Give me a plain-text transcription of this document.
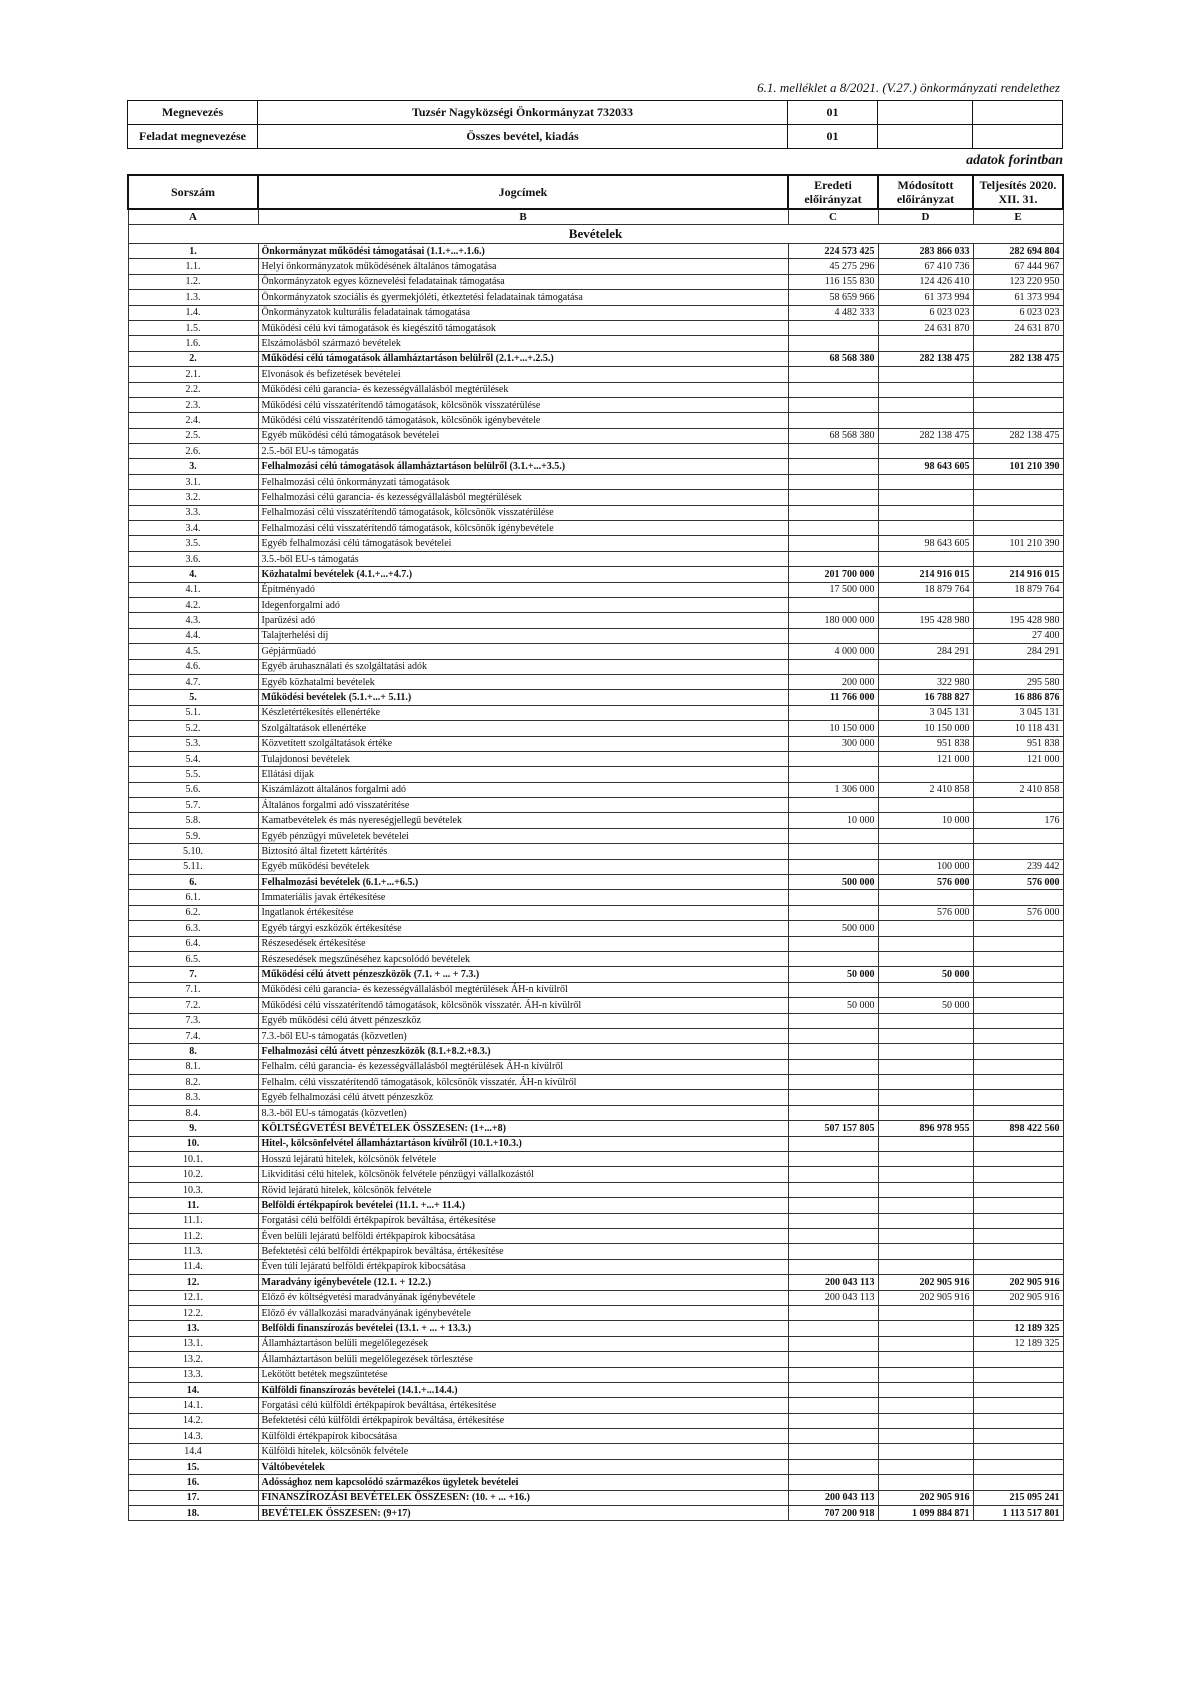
6.1. melléklet a 8/2021. (V.27.) önkormányzati rendelethez
Megnevezés	Tuzsér Nagyközségi Önkormányzat 732033	01		
Feladat megnevezése	Összes bevétel, kiadás	01		
adatok forintban
Sorszám	Jogcímek	Eredeti előirányzat	Módosított előirányzat	Teljesítés 2020. XII. 31.
A	B	C	D	E
Bevételek				
1.	Önkormányzat működési támogatásai (1.1.+...+.1.6.)	224 573 425	283 866 033	282 694 804
1.1.	Helyi önkormányzatok működésének általános támogatása	45 275 296	67 410 736	67 444 967
1.2.	Önkormányzatok egyes köznevelési feladatainak támogatása	116 155 830	124 426 410	123 220 950
1.3.	Önkormányzatok szociális és gyermekjóléti, étkeztetési feladatainak támogatása	58 659 966	61 373 994	61 373 994
1.4.	Önkormányzatok kulturális feladatainak támogatása	4 482 333	6 023 023	6 023 023
1.5.	Működési célú kvi támogatások és kiegészítő támogatások		24 631 870	24 631 870
1.6.	Elszámolásból származó bevételek			
2.	Működési célú támogatások államháztartáson belülről (2.1.+...+.2.5.)	68 568 380	282 138 475	282 138 475
2.1.	Elvonások és befizetések bevételei			
2.2.	Működési célú garancia- és kezességvállalásból megtérülések			
2.3.	Működési célú visszatérítendő támogatások, kölcsönök visszatérülése			
2.4.	Működési célú visszatérítendő támogatások, kölcsönök igénybevétele			
2.5.	Egyéb működési célú támogatások bevételei	68 568 380	282 138 475	282 138 475
2.6.	2.5.-ből EU-s támogatás			
3.	Felhalmozási célú támogatások államháztartáson belülről (3.1.+...+3.5.)		98 643 605	101 210 390
3.1.	Felhalmozási célú önkormányzati támogatások			
3.2.	Felhalmozási célú garancia- és kezességvállalásból megtérülések			
3.3.	Felhalmozási célú visszatérítendő támogatások, kölcsönök visszatérülése			
3.4.	Felhalmozási célú visszatérítendő támogatások, kölcsönök igénybevétele			
3.5.	Egyéb felhalmozási célú támogatások bevételei		98 643 605	101 210 390
3.6.	3.5.-ből EU-s támogatás			
4.	Közhatalmi bevételek (4.1.+...+4.7.)	201 700 000	214 916 015	214 916 015
4.1.	Építményadó	17 500 000	18 879 764	18 879 764
4.2.	Idegenforgalmi adó			
4.3.	Iparűzési adó	180 000 000	195 428 980	195 428 980
4.4.	Talajterhelési díj			27 400
4.5.	Gépjárműadó	4 000 000	284 291	284 291
4.6.	Egyéb áruhasználati és szolgáltatási adók			
4.7.	Egyéb közhatalmi bevételek	200 000	322 980	295 580
5.	Működési bevételek (5.1.+...+ 5.11.)	11 766 000	16 788 827	16 886 876
5.1.	Készletértékesítés ellenértéke		3 045 131	3 045 131
5.2.	Szolgáltatások ellenértéke	10 150 000	10 150 000	10 118 431
5.3.	Közvetített szolgáltatások értéke	300 000	951 838	951 838
5.4.	Tulajdonosi bevételek		121 000	121 000
5.5.	Ellátási díjak			
5.6.	Kiszámlázott általános forgalmi adó	1 306 000	2 410 858	2 410 858
5.7.	Általános forgalmi adó visszatérítése			
5.8.	Kamatbevételek és más nyereségjellegű bevételek	10 000	10 000	176
5.9.	Egyéb pénzügyi műveletek bevételei			
5.10.	Biztosító által fizetett kártérítés			
5.11.	Egyéb működési bevételek		100 000	239 442
6.	Felhalmozási bevételek (6.1.+...+6.5.)	500 000	576 000	576 000
6.1.	Immateriális javak értékesítése			
6.2.	Ingatlanok értékesítése		576 000	576 000
6.3.	Egyéb tárgyi eszközök értékesítése	500 000		
6.4.	Részesedések értékesítése			
6.5.	Részesedések megszűnéséhez kapcsolódó bevételek			
7.	Működési célú átvett pénzeszközök (7.1. + ... + 7.3.)	50 000	50 000	
7.1.	Működési célú garancia- és kezességvállalásból megtérülések ÁH-n kívülről			
7.2.	Működési célú visszatérítendő támogatások, kölcsönök visszatér. ÁH-n kívülről	50 000	50 000	
7.3.	Egyéb működési célú átvett pénzeszköz			
7.4.	7.3.-ből EU-s támogatás (közvetlen)			
8.	Felhalmozási célú átvett pénzeszközök (8.1.+8.2.+8.3.)			
8.1.	Felhalm. célú garancia- és kezességvállalásból megtérülések ÁH-n kívülről			
8.2.	Felhalm. célú visszatérítendő támogatások, kölcsönök visszatér. ÁH-n kívülről			
8.3.	Egyéb felhalmozási célú átvett pénzeszköz			
8.4.	8.3.-ből EU-s támogatás (közvetlen)			
9.	KÖLTSÉGVETÉSI BEVÉTELEK ÖSSZESEN: (1+...+8)	507 157 805	896 978 955	898 422 560
10.	Hitel-, kölcsönfelvétel államháztartáson kívülről (10.1.+10.3.)			
10.1.	Hosszú lejáratú hitelek, kölcsönök felvétele			
10.2.	Likviditási célú hitelek, kölcsönök felvétele pénzügyi vállalkozástól			
10.3.	Rövid lejáratú hitelek, kölcsönök felvétele			
11.	Belföldi értékpapírok bevételei (11.1. +...+ 11.4.)			
11.1.	Forgatási célú belföldi értékpapírok beváltása, értékesítése			
11.2.	Éven belüli lejáratú belföldi értékpapírok kibocsátása			
11.3.	Befektetési célú belföldi értékpapírok beváltása, értékesítése			
11.4.	Éven túli lejáratú belföldi értékpapírok kibocsátása			
12.	Maradvány igénybevétele (12.1. + 12.2.)	200 043 113	202 905 916	202 905 916
12.1.	Előző év költségvetési maradványának igénybevétele	200 043 113	202 905 916	202 905 916
12.2.	Előző év vállalkozási maradványának igénybevétele			
13.	Belföldi finanszírozás bevételei (13.1. + ... + 13.3.)			12 189 325
13.1.	Államháztartáson belüli megelőlegezések			12 189 325
13.2.	Államháztartáson belüli megelőlegezések törlesztése			
13.3.	Lekötött betétek megszüntetése			
14.	Külföldi finanszírozás bevételei (14.1.+...14.4.)			
14.1.	Forgatási célú külföldi értékpapírok beváltása, értékesítése			
14.2.	Befektetési célú külföldi értékpapírok beváltása, értékesítése			
14.3.	Külföldi értékpapírok kibocsátása			
14.4	Külföldi hitelek, kölcsönök felvétele			
15.	Váltóbevételek			
16.	Adóssághoz nem kapcsolódó származékos ügyletek bevételei			
17.	FINANSZÍROZÁSI BEVÉTELEK ÖSSZESEN: (10. + ... +16.)	200 043 113	202 905 916	215 095 241
18.	BEVÉTELEK ÖSSZESEN: (9+17)	707 200 918	1 099 884 871	1 113 517 801
